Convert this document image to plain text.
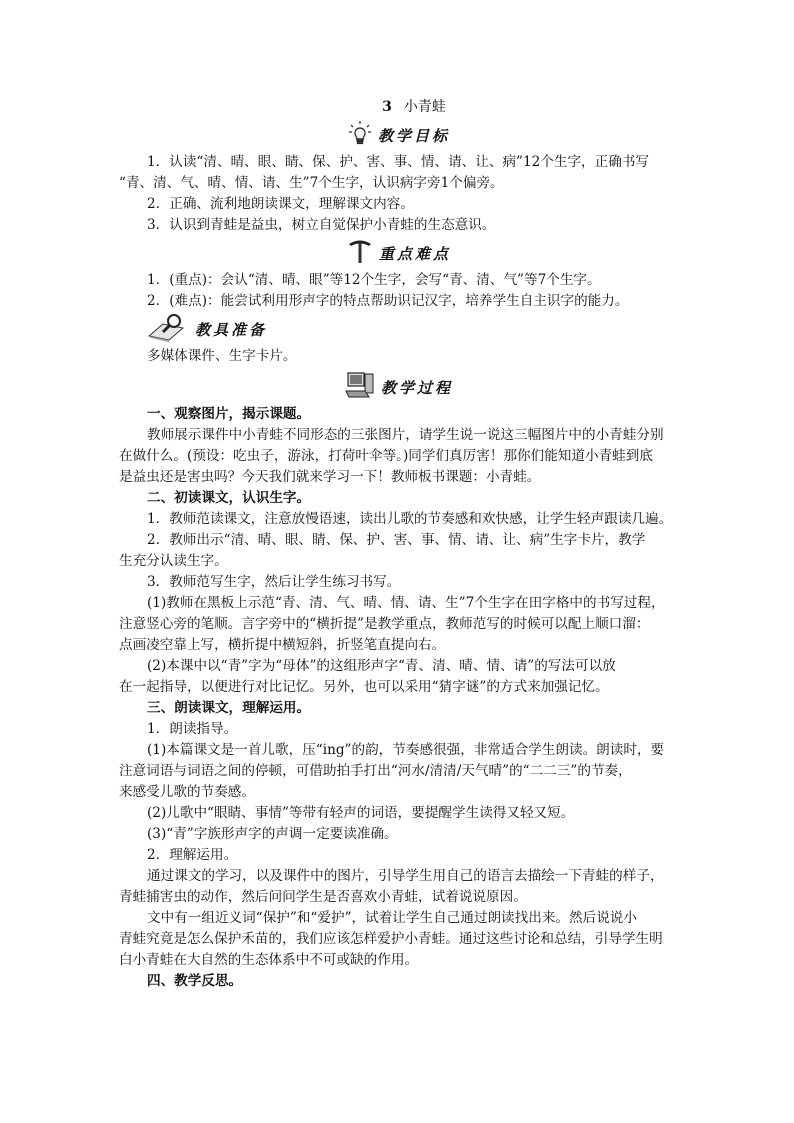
3 小青蛙
教学目标
1．认读“清、晴、眼、睛、保、护、害、事、情、请、让、病”12个生字，正确书写
“青、清、气、晴、情、请、生”7个生字，认识病字旁1个偏旁。
2．正确、流利地朗读课文，理解课文内容。
3．认识到青蛙是益虫，树立自觉保护小青蛙的生态意识。
重点难点
1．(重点)：会认“清、晴、眼”等12个生字，会写“青、清、气”等7个生字。
2．(难点)：能尝试利用形声字的特点帮助识记汉字，培养学生自主识字的能力。
教具准备
多媒体课件、生字卡片。
教学过程
一、观察图片，揭示课题。
教师展示课件中小青蛙不同形态的三张图片，请学生说一说这三幅图片中的小青蛙分别
在做什么。(预设：吃虫子，游泳，打荷叶伞等。)同学们真厉害！那你们能知道小青蛙到底
是益虫还是害虫吗？今天我们就来学习一下！教师板书课题：小青蛙。
二、初读课文，认识生字。
1．教师范读课文，注意放慢语速，读出儿歌的节奏感和欢快感，让学生轻声跟读几遍。
2．教师出示“清、晴、眼、睛、保、护、害、事、情、请、让、病”生字卡片，教学
生充分认读生字。
3．教师范写生字，然后让学生练习书写。
(1)教师在黑板上示范“青、清、气、晴、情、请、生”7个生字在田字格中的书写过程，
注意竖心旁的笔顺。言字旁中的“横折提”是教学重点，教师范写的时候可以配上顺口溜：
点画凌空靠上写，横折提中横短斜，折竖笔直提向右。
(2)本课中以“青”字为“母体”的这组形声字“青、清、晴、情、请”的写法可以放
在一起指导，以便进行对比记忆。另外，也可以采用“猜字谜”的方式来加强记忆。
三、朗读课文，理解运用。
1．朗读指导。
(1)本篇课文是一首儿歌，压“ing”的韵，节奏感很强，非常适合学生朗读。朗读时，要
注意词语与词语之间的停顿，可借助拍手打出“河水/清清/天气晴”的“二二三”的节奏，
来感受儿歌的节奏感。
(2)儿歌中“眼睛、事情”等带有轻声的词语，要提醒学生读得又轻又短。
(3)“青”字族形声字的声调一定要读准确。
2．理解运用。
通过课文的学习，以及课件中的图片，引导学生用自己的语言去描绘一下青蛙的样子，
青蛙捕害虫的动作，然后问问学生是否喜欢小青蛙，试着说说原因。
文中有一组近义词“保护”和“爱护”，试着让学生自己通过朗读找出来。然后说说小
青蛙究竟是怎么保护禾苗的，我们应该怎样爱护小青蛙。通过这些讨论和总结，引导学生明
白小青蛙在大自然的生态体系中不可或缺的作用。
四、教学反思。
